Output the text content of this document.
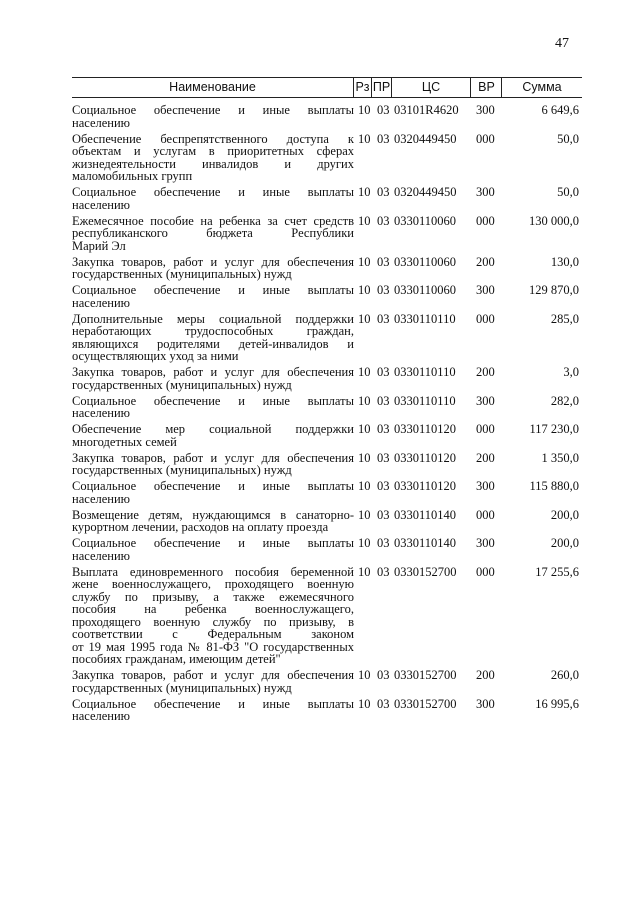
47
Наименование	Рз ПР	ЦС	ВР	Сумма
Социальное обеспечение и иные выплаты
населению
10 03 03101R4620 300	6 649,6
Обеспечение беспрепятственного доступа к
объектам и услугам в приоритетных сферах
жизнедеятельности инвалидов и других
маломобильных групп
10 03 0320449450 000	50,0
Социальное обеспечение и иные выплаты
населению
10 03 0320449450 300	50,0
Ежемесячное пособие на ребенка за счет средств
республиканского бюджета Республики
Марий Эл
10 03 0330110060 000	130 000,0
Закупка товаров, работ и услуг для обеспечения
государственных (муниципальных) нужд
10 03 0330110060 200	130,0
Социальное обеспечение и иные выплаты
населению
10 03 0330110060 300	129 870,0
Дополнительные меры социальной поддержки
неработающих трудоспособных граждан,
являющихся родителями детей-инвалидов и
осуществляющих уход за ними
10 03 0330110110 000	285,0
Закупка товаров, работ и услуг для обеспечения
государственных (муниципальных) нужд
10 03 0330110110 200	3,0
Социальное обеспечение и иные выплаты
населению
10 03 0330110110 300	282,0
Обеспечение мер социальной поддержки
многодетных семей
10 03 0330110120 000	117 230,0
Закупка товаров, работ и услуг для обеспечения
государственных (муниципальных) нужд
10 03 0330110120 200	1 350,0
Социальное обеспечение и иные выплаты
населению
10 03 0330110120 300	115 880,0
Возмещение детям, нуждающимся в санаторно-
курортном лечении, расходов на оплату проезда
10 03 0330110140 000	200,0
Социальное обеспечение и иные выплаты
населению
10 03 0330110140 300	200,0
Выплата единовременного пособия беременной
жене военнослужащего, проходящего военную
службу по призыву, а также ежемесячного
пособия на ребенка военнослужащего,
проходящего военную службу по призыву, в
соответствии с Федеральным законом
от 19 мая 1995 года № 81-ФЗ "О государственных
пособиях гражданам, имеющим детей"
10 03 0330152700 000	17 255,6
Закупка товаров, работ и услуг для обеспечения
государственных (муниципальных) нужд
10 03 0330152700 200	260,0
Социальное обеспечение и иные выплаты
населению
10 03 0330152700 300	16 995,6
